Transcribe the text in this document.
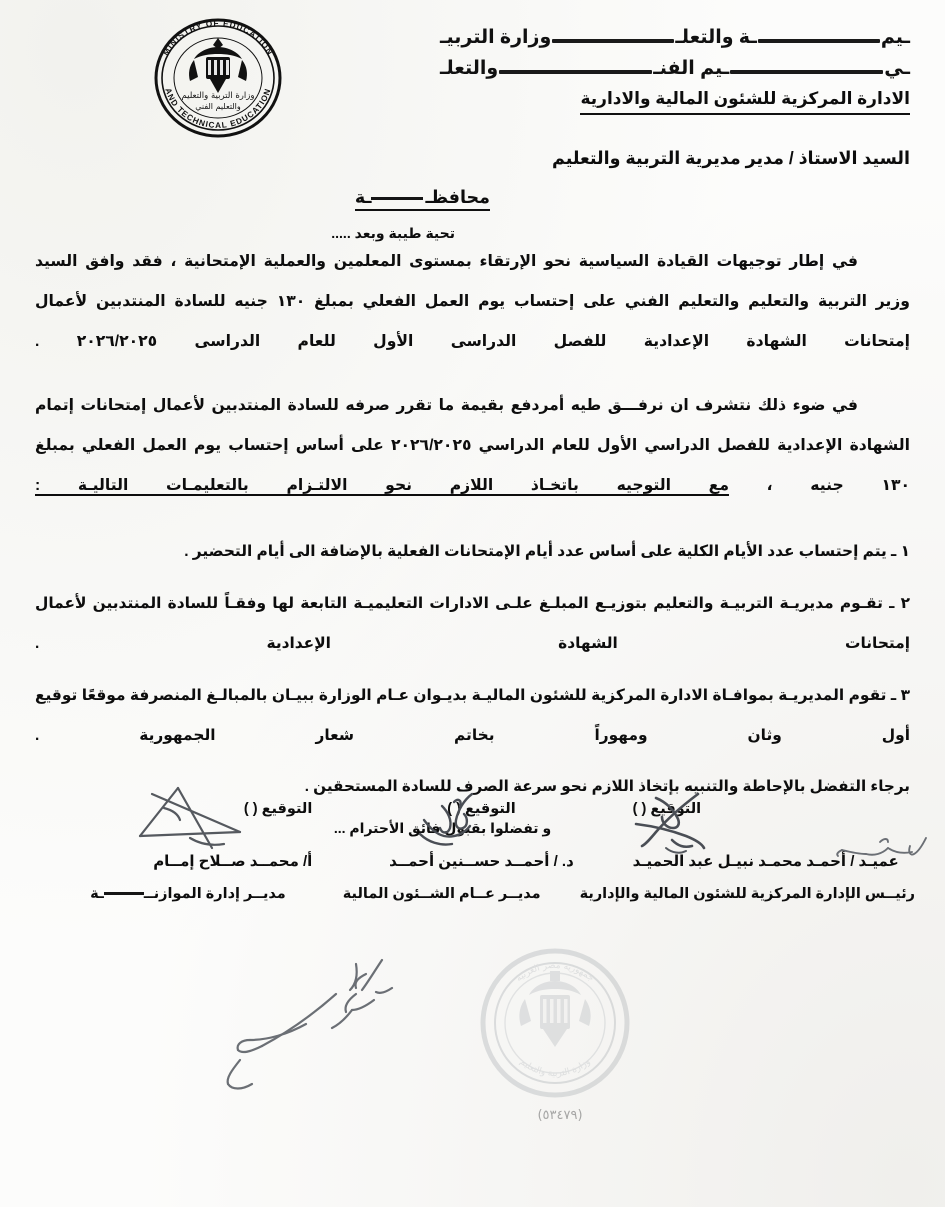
وزارة التربية والتعليم
والتعليم الفني
MINISTRY OF EDUCATION
AND TECHNICAL EDUCATION
وزارة التربيـ	ـة والتعلـ	ـيم
والتعلـ	ـيم الفنـ	ـي
الادارة المركزية للشئون المالية والادارية
السيد الاستاذ / مدير مديرية التربية والتعليم
محافظــة
تحية طيبة وبعد .....
في إطار توجيهات القيادة السياسية نحو الإرتقاء بمستوى المعلمين والعملية الإمتحانية ، فقد وافق السيد وزير التربية والتعليم والتعليم الفني على إحتساب يوم العمل الفعلي بمبلغ ١٣٠ جنيه للسادة المنتدبين لأعمال إمتحانات الشهادة الإعدادية للفصل الدراسى الأول للعام الدراسى ٢٠٢٦/٢٠٢٥ .
في ضوء ذلك نتشرف ان نرفـــق طيه أمردفع بقيمة ما تقرر صرفه للسادة المنتدبين لأعمال إمتحانات إتمام الشهادة الإعدادية للفصل الدراسي الأول للعام الدراسي ٢٠٢٦/٢٠٢٥ على أساس إحتساب يوم العمل الفعلي بمبلغ ١٣٠ جنيه ، مع التوجيه باتخـاذ اللازم نحو الالتـزام بالتعليمـات التاليـة :
١ ـ يتم إحتساب عدد الأيام الكلية على أساس عدد أيام الإمتحانات الفعلية بالإضافة الى أيام التحضير .
٢ ـ تقـوم مديريـة التربيـة والتعليم بتوزيـع المبلـغ علـى الادارات التعليميـة التابعة لها وفقـاً للسادة المنتدبين لأعمال إمتحانات الشهادة الإعدادية .
٣ ـ تقوم المديريـة بموافـاة الادارة المركزية للشئون الماليـة بديـوان عـام الوزارة ببيـان بالمبالـغ المنصرفة موقعًا توقيع أول وثان ومهوراً بخاتم شعار الجمهورية .
برجاء التفضل بالإحاطة والتنبيه بإتخاذ اللازم نحو سرعة الصرف للسادة المستحقين .
و تفضلوا بقبول فائق الأحترام ...
التوقيع ( )	التوقيع ( )	التوقيع ( )
أ/ محمــد صــلاح إمــام	د. / أحمــد حســنين أحمــد	عميـد / أحمـد محمـد نبيـل عبد الحميـد
مديــر إدارة الموازنـــة	مديــر عــام الشــئون المالية	رئيــس الإدارة المركزية للشئون المالية والإدارية
جمهورية مصر العربية
وزارة التربية والتعليم
(٥٣٤٧٩)
